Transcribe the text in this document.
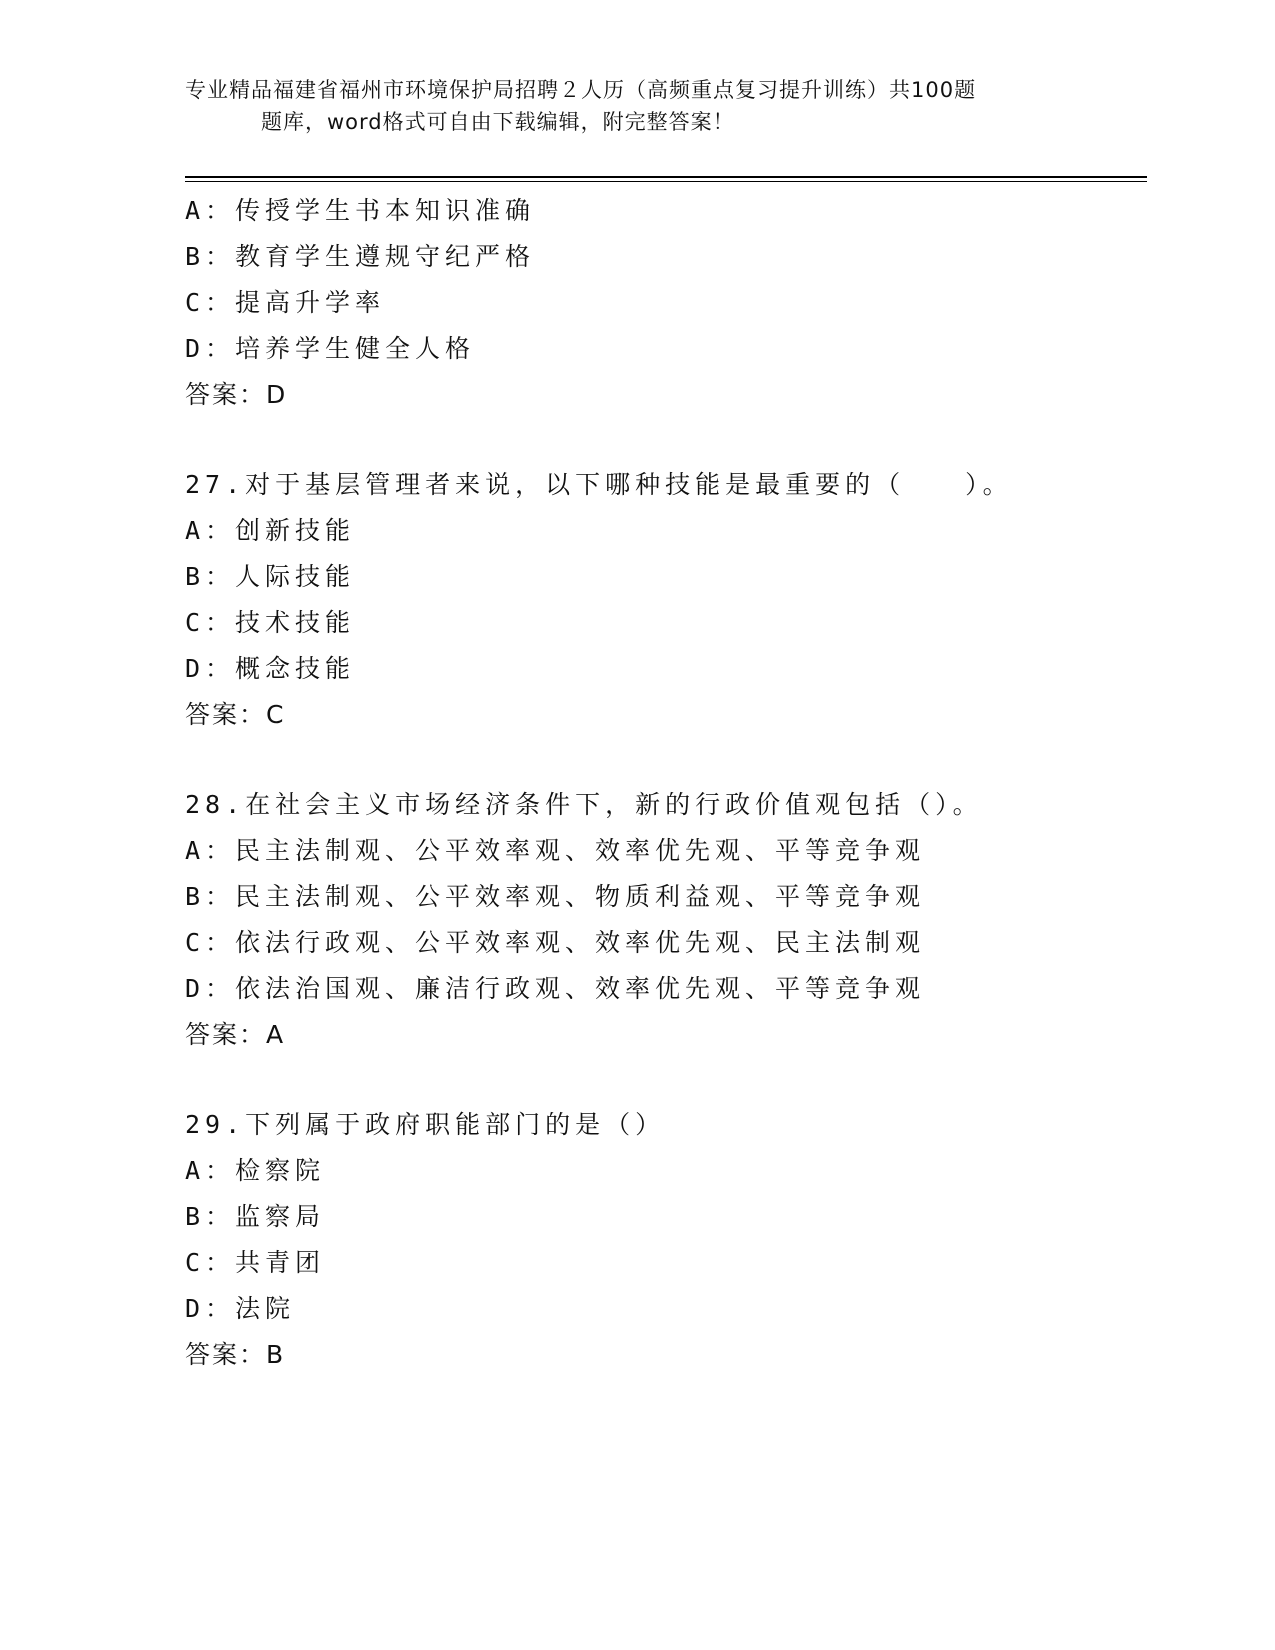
专业精品福建省福州市环境保护局招聘２人历（高频重点复习提升训练）共100题
题库，word格式可自由下载编辑，附完整答案！
A：传授学生书本知识准确
B：教育学生遵规守纪严格
C：提高升学率
D：培养学生健全人格
答案：D
27.对于基层管理者来说，以下哪种技能是最重要的（　　）。
A：创新技能
B：人际技能
C：技术技能
D：概念技能
答案：C
28.在社会主义市场经济条件下，新的行政价值观包括（）。
A：民主法制观、公平效率观、效率优先观、平等竞争观
B：民主法制观、公平效率观、物质利益观、平等竞争观
C：依法行政观、公平效率观、效率优先观、民主法制观
D：依法治国观、廉洁行政观、效率优先观、平等竞争观
答案：A
29.下列属于政府职能部门的是（）
A：检察院
B：监察局
C：共青团
D：法院
答案：B
